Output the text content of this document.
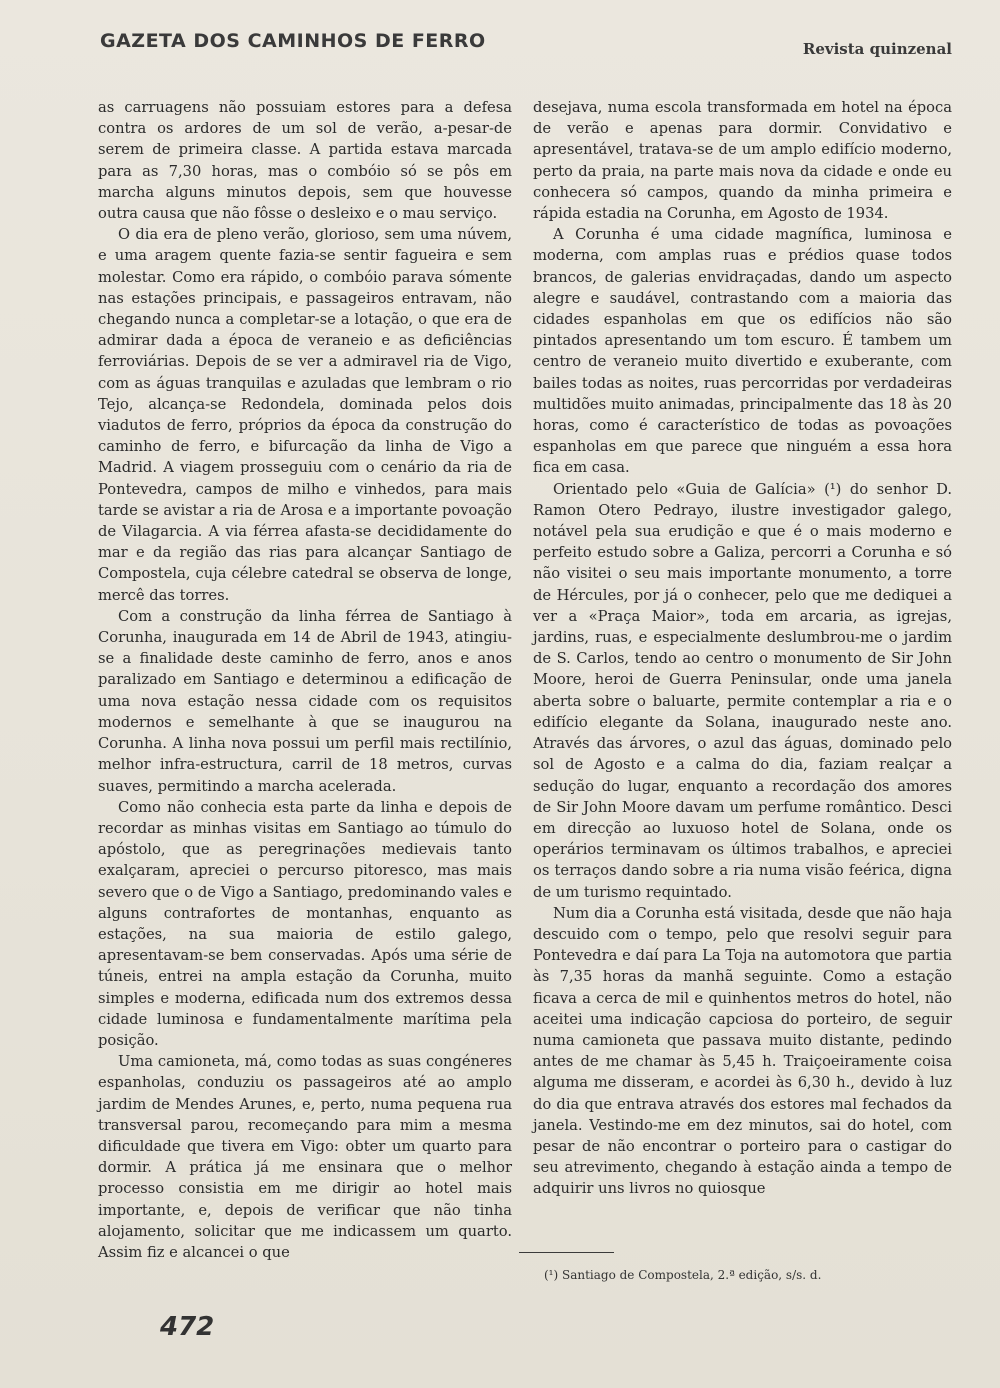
GAZETA DOS CAMINHOS DE FERRO	Revista quinzenal

as carruagens não possuiam estores para a defesa contra os ardores de um sol de verão, a-pesar-de serem de primeira classe. A partida estava marcada para as 7,30 horas, mas o combóio só se pôs em marcha alguns minutos depois, sem que houvesse outra causa que não fôsse o desleixo e o mau serviço.

O dia era de pleno verão, glorioso, sem uma núvem, e uma aragem quente fazia-se sentir fagueira e sem molestar. Como era rápido, o combóio parava sómente nas estações principais, e passageiros entravam, não chegando nunca a completar-se a lotação, o que era de admirar dada a época de veraneio e as deficiências ferroviárias. Depois de se ver a admiravel ria de Vigo, com as águas tranquilas e azuladas que lembram o rio Tejo, alcança-se Redondela, dominada pelos dois viadutos de ferro, próprios da época da construção do caminho de ferro, e bifurcação da linha de Vigo a Madrid. A viagem prosseguiu com o cenário da ria de Pontevedra, campos de milho e vinhedos, para mais tarde se avistar a ria de Arosa e a importante povoação de Vilagarcia. A via férrea afasta-se decididamente do mar e da região das rias para alcançar Santiago de Compostela, cuja célebre catedral se observa de longe, mercê das torres.

Com a construção da linha férrea de Santiago à Corunha, inaugurada em 14 de Abril de 1943, atingiu-se a finalidade deste caminho de ferro, anos e anos paralizado em Santiago e determinou a edificação de uma nova estação nessa cidade com os requisitos modernos e semelhante à que se inaugurou na Corunha. A linha nova possui um perfil mais rectilínio, melhor infra-estructura, carril de 18 metros, curvas suaves, permitindo a marcha acelerada.

Como não conhecia esta parte da linha e depois de recordar as minhas visitas em Santiago ao túmulo do apóstolo, que as peregrinações medievais tanto exalçaram, apreciei o percurso pitoresco, mas mais severo que o de Vigo a Santiago, predominando vales e alguns contrafortes de montanhas, enquanto as estações, na sua maioria de estilo galego, apresentavam-se bem conservadas. Após uma série de túneis, entrei na ampla estação da Corunha, muito simples e moderna, edificada num dos extremos dessa cidade luminosa e fundamentalmente marítima pela posição.

Uma camioneta, má, como todas as suas congéneres espanholas, conduziu os passageiros até ao amplo jardim de Mendes Arunes, e, perto, numa pequena rua transversal parou, recomeçando para mim a mesma dificuldade que tivera em Vigo: obter um quarto para dormir. A prática já me ensinara que o melhor processo consistia em me dirigir ao hotel mais importante, e, depois de verificar que não tinha alojamento, solicitar que me indicassem um quarto. Assim fiz e alcancei o que

desejava, numa escola transformada em hotel na época de verão e apenas para dormir. Convidativo e apresentável, tratava-se de um amplo edifício moderno, perto da praia, na parte mais nova da cidade e onde eu conhecera só campos, quando da minha primeira e rápida estadia na Corunha, em Agosto de 1934.

A Corunha é uma cidade magnífica, luminosa e moderna, com amplas ruas e prédios quase todos brancos, de galerias envidraçadas, dando um aspecto alegre e saudável, contrastando com a maioria das cidades espanholas em que os edifícios não são pintados apresentando um tom escuro. É tambem um centro de veraneio muito divertido e exuberante, com bailes todas as noites, ruas percorridas por verdadeiras multidões muito animadas, principalmente das 18 às 20 horas, como é característico de todas as povoações espanholas em que parece que ninguém a essa hora fica em casa.

Orientado pelo «Guia de Galícia» (¹) do senhor D. Ramon Otero Pedrayo, ilustre investigador galego, notável pela sua erudição e que é o mais moderno e perfeito estudo sobre a Galiza, percorri a Corunha e só não visitei o seu mais importante monumento, a torre de Hércules, por já o conhecer, pelo que me dediquei a ver a «Praça Maior», toda em arcaria, as igrejas, jardins, ruas, e especialmente deslumbrou-me o jardim de S. Carlos, tendo ao centro o monumento de Sir John Moore, heroi de Guerra Peninsular, onde uma janela aberta sobre o baluarte, permite contemplar a ria e o edifício elegante da Solana, inaugurado neste ano. Através das árvores, o azul das águas, dominado pelo sol de Agosto e a calma do dia, faziam realçar a sedução do lugar, enquanto a recordação dos amores de Sir John Moore davam um perfume romântico. Desci em direcção ao luxuoso hotel de Solana, onde os operários terminavam os últimos trabalhos, e apreciei os terraços dando sobre a ria numa visão feérica, digna de um turismo requintado.

Num dia a Corunha está visitada, desde que não haja descuido com o tempo, pelo que resolvi seguir para Pontevedra e daí para La Toja na automotora que partia às 7,35 horas da manhã seguinte. Como a estação ficava a cerca de mil e quinhentos metros do hotel, não aceitei uma indicação capciosa do porteiro, de seguir numa camioneta que passava muito distante, pedindo antes de me chamar às 5,45 h. Traiçoeiramente coisa alguma me disseram, e acordei às 6,30 h., devido à luz do dia que entrava através dos estores mal fechados da janela. Vestindo-me em dez minutos, sai do hotel, com pesar de não encontrar o porteiro para o castigar do seu atrevimento, chegando à estação ainda a tempo de adquirir uns livros no quiosque

(¹) Santiago de Compostela, 2.ª edição, s/s. d.
472
